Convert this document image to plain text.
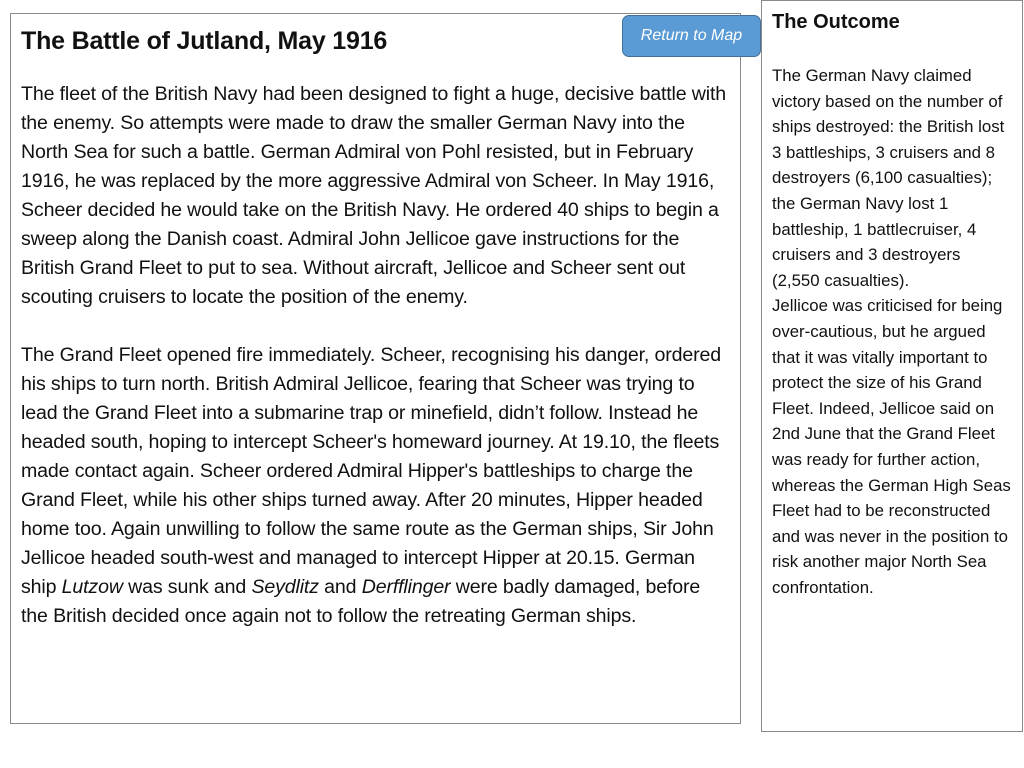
The Battle of Jutland, May 1916

The fleet of the British Navy had been designed to fight a huge, decisive battle with the enemy. So attempts were made to draw the smaller German Navy into the North Sea for such a battle. German Admiral von Pohl resisted, but in February 1916, he was replaced by the more aggressive Admiral von Scheer. In May 1916, Scheer decided he would take on the British Navy. He ordered 40 ships to begin a sweep along the Danish coast. Admiral John Jellicoe gave instructions for the British Grand Fleet to put to sea. Without aircraft, Jellicoe and Scheer sent out scouting cruisers to locate the position of the enemy.

The Grand Fleet opened fire immediately. Scheer, recognising his danger, ordered his ships to turn north. British Admiral Jellicoe, fearing that Scheer was trying to lead the Grand Fleet into a submarine trap or minefield, didn’t follow. Instead he headed south, hoping to intercept Scheer's homeward journey. At 19.10, the fleets made contact again. Scheer ordered Admiral Hipper's battleships to charge the Grand Fleet, while his other ships turned away. After 20 minutes, Hipper headed home too. Again unwilling to follow the same route as the German ships, Sir John Jellicoe headed south-west and managed to intercept Hipper at 20.15. German ship Lutzow was sunk and Seydlitz and Derfflinger were badly damaged, before the British decided once again not to follow the retreating German ships.

Return to Map
The Outcome

The German Navy claimed victory based on the number of ships destroyed: the British lost 3 battleships, 3 cruisers and 8 destroyers (6,100 casualties); the German Navy lost 1 battleship, 1 battlecruiser, 4 cruisers and 3 destroyers (2,550 casualties).

Jellicoe was criticised for being over-cautious, but he argued that it was vitally important to protect the size of his Grand Fleet. Indeed, Jellicoe said on 2nd June that the Grand Fleet was ready for further action, whereas the German High Seas Fleet had to be reconstructed and was never in the position to risk another major North Sea confrontation.
